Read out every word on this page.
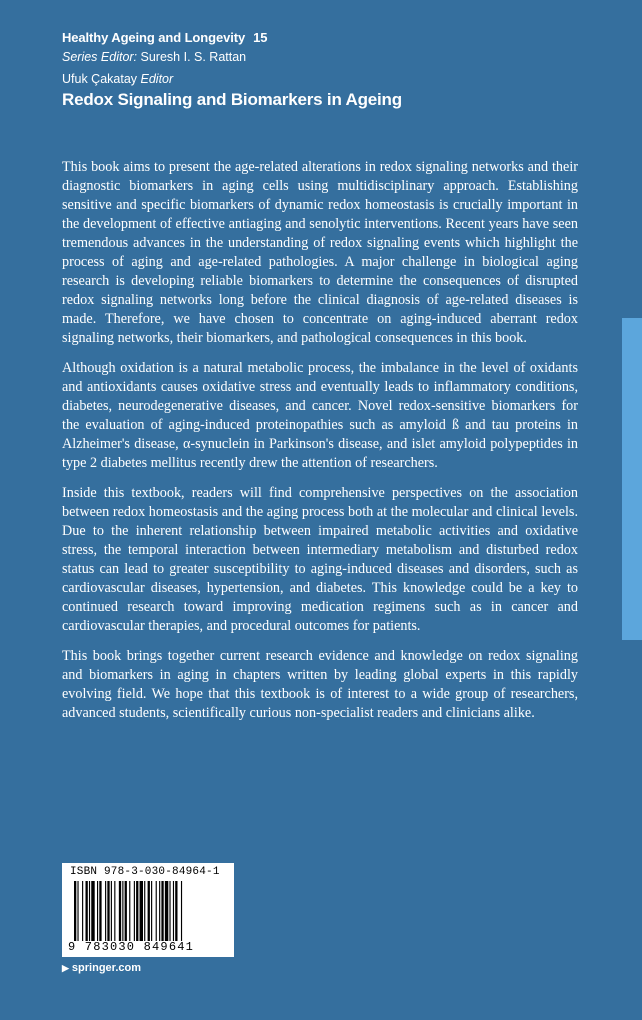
Healthy Ageing and Longevity 15
Series Editor: Suresh I. S. Rattan
Ufuk Çakatay Editor
Redox Signaling and Biomarkers in Ageing

This book aims to present the age-related alterations in redox signaling networks and their diagnostic biomarkers in aging cells using multidisciplinary approach. Establishing sensitive and specific biomarkers of dynamic redox homeostasis is crucially important in the development of effective antiaging and senolytic interventions. Recent years have seen tremendous advances in the understanding of redox signaling events which highlight the process of aging and age-related pathologies. A major challenge in biological aging research is developing reliable biomarkers to determine the consequences of disrupted redox signaling networks long before the clinical diagnosis of age-related diseases is made. Therefore, we have chosen to concentrate on aging-induced aberrant redox signaling networks, their biomarkers, and pathological consequences in this book.

Although oxidation is a natural metabolic process, the imbalance in the level of oxidants and antioxidants causes oxidative stress and eventually leads to inflammatory conditions, diabetes, neurodegenerative diseases, and cancer. Novel redox-sensitive biomarkers for the evaluation of aging-induced proteinopathies such as amyloid ß and tau proteins in Alzheimer's disease, α-synuclein in Parkinson's disease, and islet amyloid polypeptides in type 2 diabetes mellitus recently drew the attention of researchers.

Inside this textbook, readers will find comprehensive perspectives on the association between redox homeostasis and the aging process both at the molecular and clinical levels. Due to the inherent relationship between impaired metabolic activities and oxidative stress, the temporal interaction between intermediary metabolism and disturbed redox status can lead to greater susceptibility to aging-induced diseases and disorders, such as cardiovascular diseases, hypertension, and diabetes. This knowledge could be a key to continued research toward improving medication regimens such as in cancer and cardiovascular therapies, and procedural outcomes for patients.

This book brings together current research evidence and knowledge on redox signaling and biomarkers in aging in chapters written by leading global experts in this rapidly evolving field. We hope that this textbook is of interest to a wide group of researchers, advanced students, scientifically curious non-specialist readers and clinicians alike.

ISBN 978-3-030-84964-1
9 783030 849641
▶ springer.com
